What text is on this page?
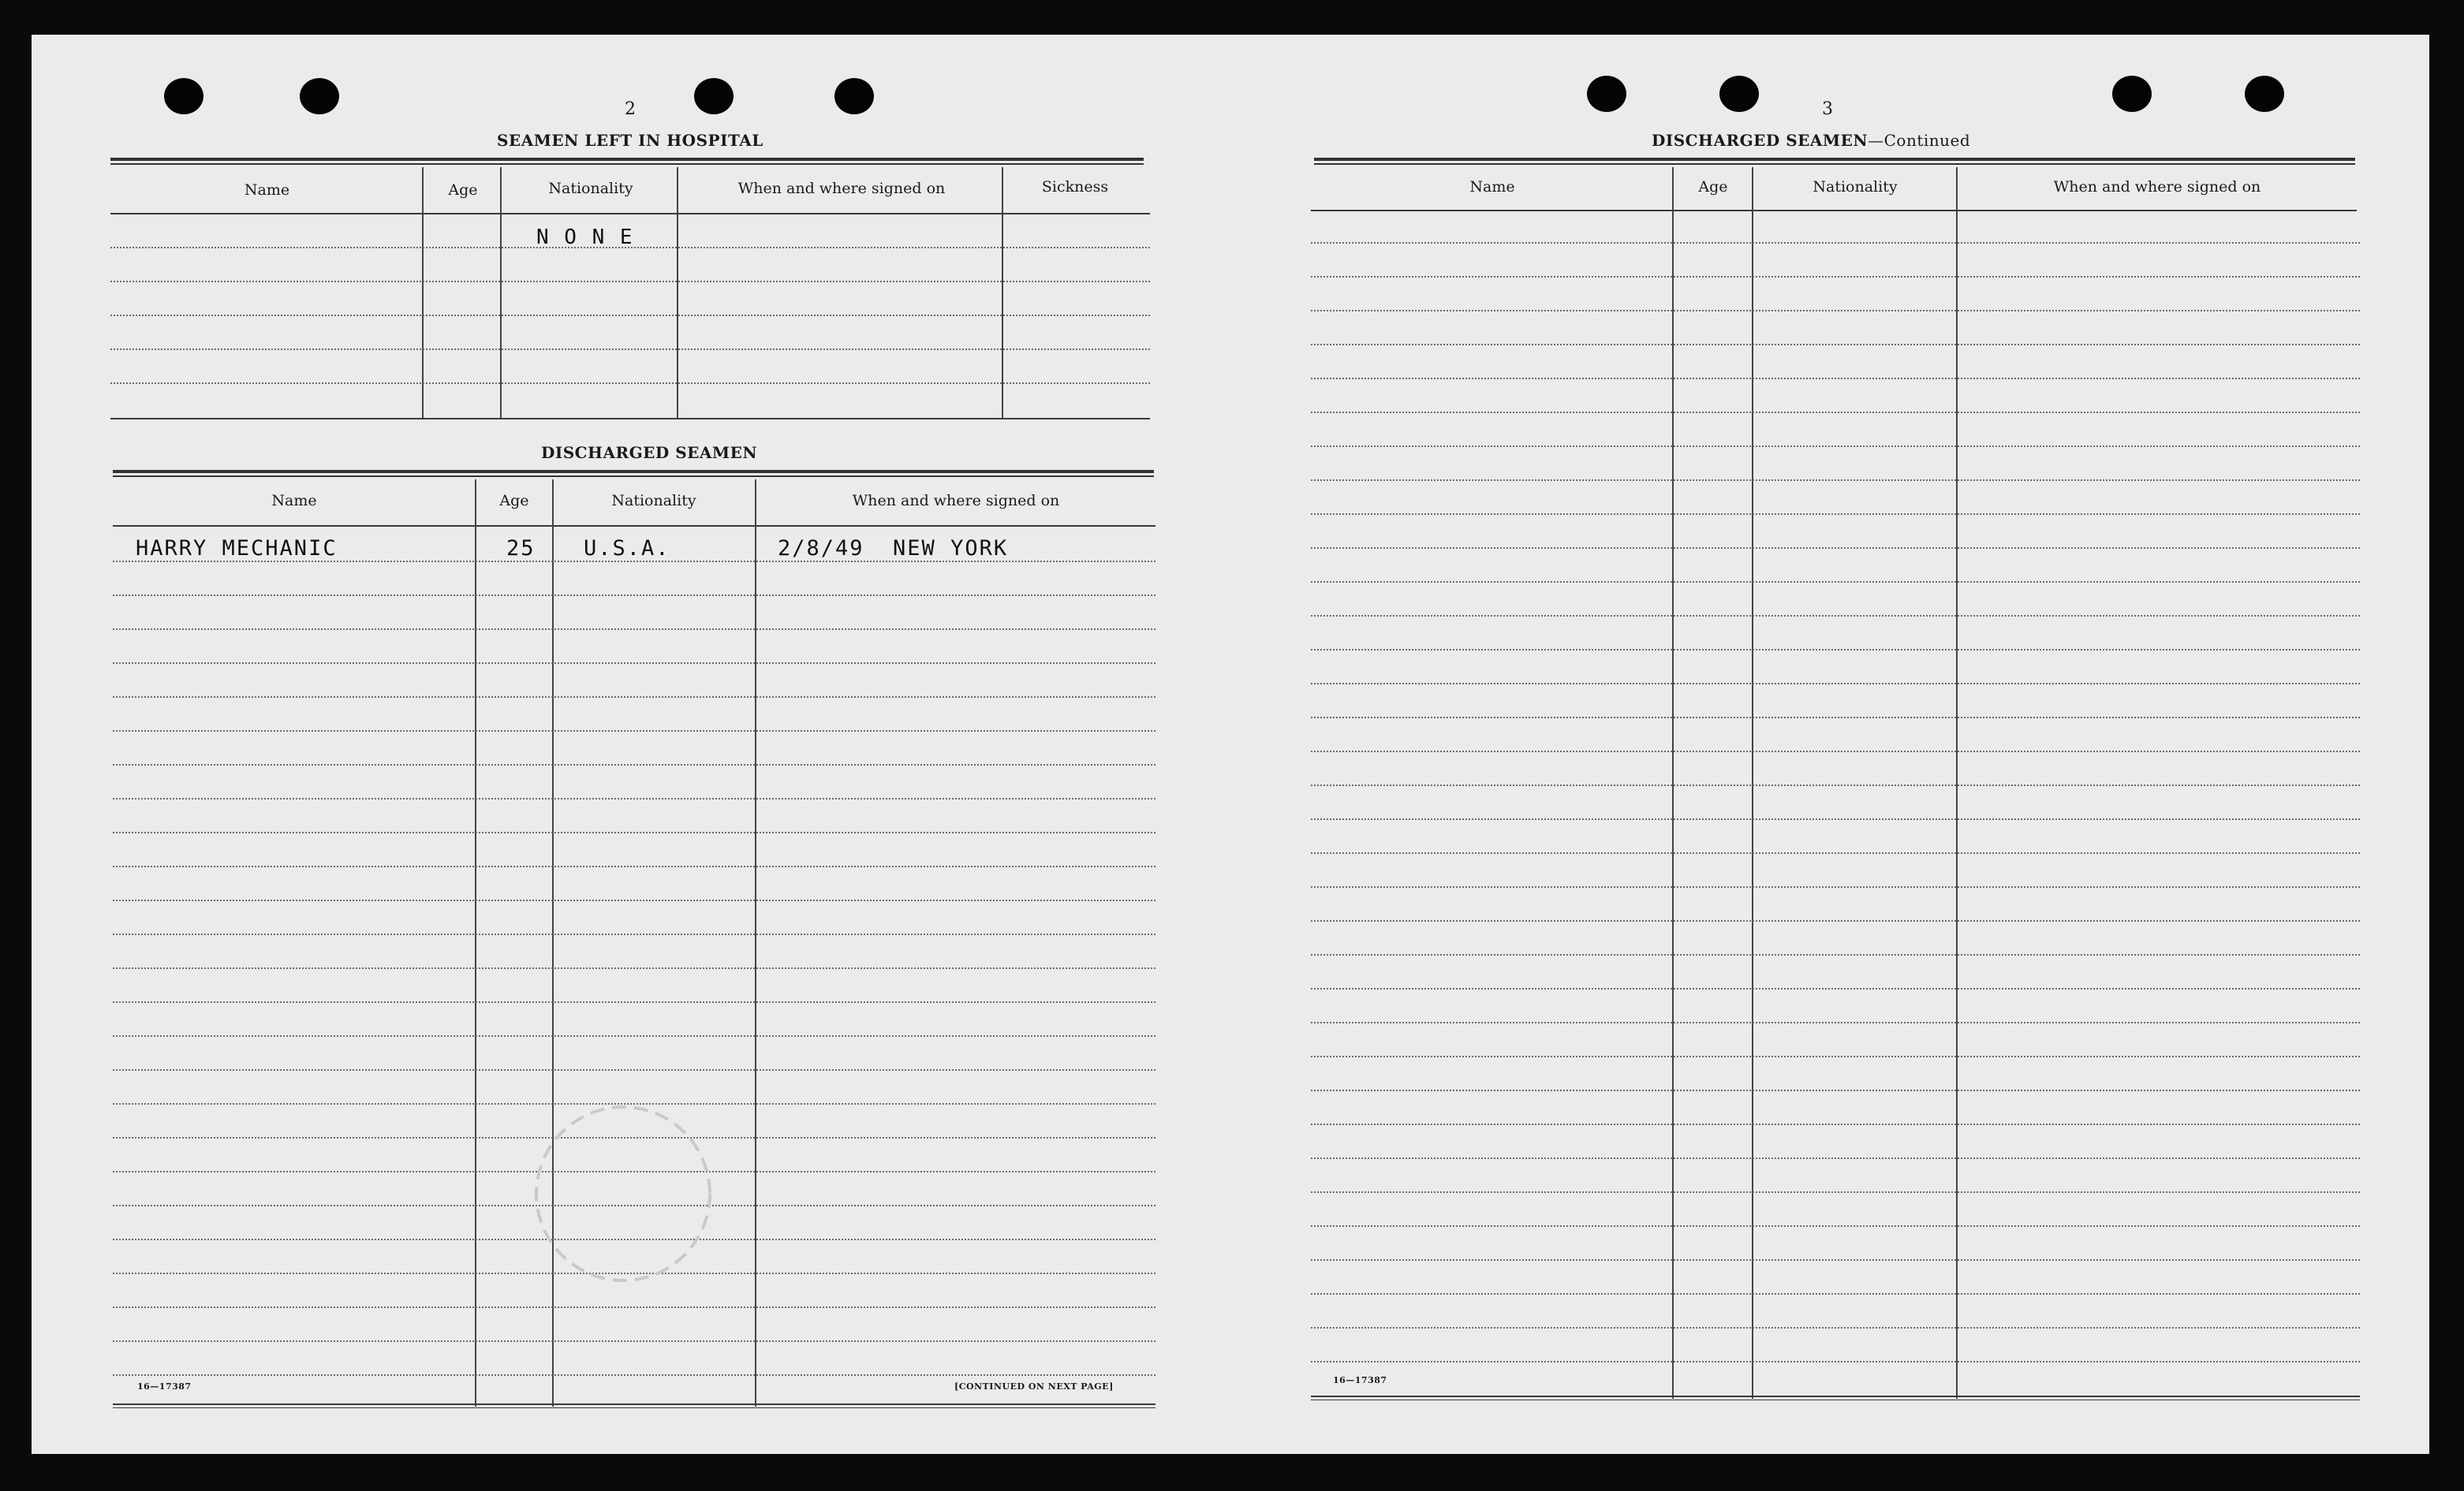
2
SEAMEN LEFT IN HOSPITAL
Name	Age	Nationality	When and where signed on	Sickness
N O N E
DISCHARGED SEAMEN
Name	Age	Nationality	When and where signed on
HARRY MECHANIC	25 U.S.A.	2/8/49  NEW YORK
16—17387	[CONTINUED ON NEXT PAGE]
3
DISCHARGED SEAMEN—Continued
Name	Age	Nationality	When and where signed on
16—17387
